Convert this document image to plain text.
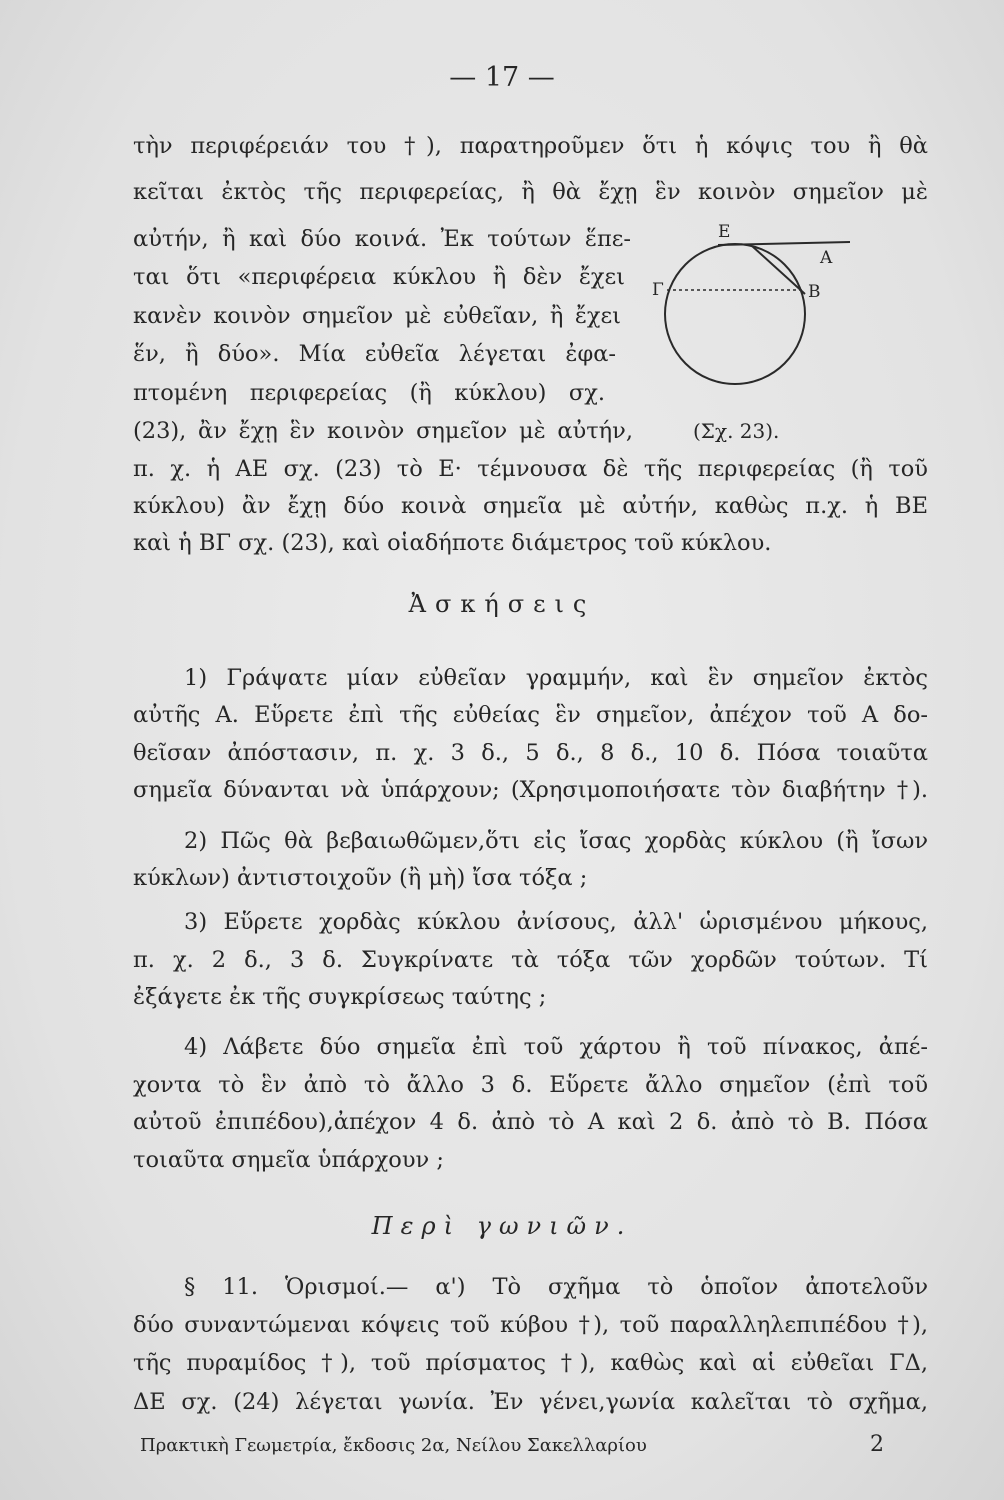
— 17 —
τὴν περιφέρειάν του †), παρατηροῦμεν ὅτι ἡ κόψις του ἢ θὰ
κεῖται ἐκτὸς τῆς περιφερείας, ἢ θὰ ἔχῃ ἓν κοινὸν σημεῖον μὲ
αὐτήν, ἢ καὶ δύο κοινά. Ἐκ τούτων ἕπε-
ται ὅτι «περιφέρεια κύκλου ἢ δὲν ἔχει
κανὲν κοινὸν σημεῖον μὲ εὐθεῖαν, ἢ ἔχει
ἕν, ἢ δύο». Μία εὐθεῖα λέγεται ἐφα-
πτομένη περιφερείας (ἢ κύκλου) σχ.
(23), ἂν ἔχῃ ἓν κοινὸν σημεῖον μὲ αὐτήν,
π. χ. ἡ ΑΕ σχ. (23) τὸ Ε· τέμνουσα δὲ τῆς περιφερείας (ἢ τοῦ
κύκλου) ἂν ἔχῃ δύο κοινὰ σημεῖα μὲ αὐτήν, καθὼς π.χ. ἡ ΒΕ
καὶ ἡ ΒΓ σχ. (23), καὶ οἱαδήποτε διάμετρος τοῦ κύκλου.
E
A
B
Γ
(Σχ. 23).
Ἀσκήσεις
1) Γράψατε μίαν εὐθεῖαν γραμμήν, καὶ ἓν σημεῖον ἐκτὸς
αὐτῆς Α. Εὕρετε ἐπὶ τῆς εὐθείας ἓν σημεῖον, ἀπέχον τοῦ Α δο-
θεῖσαν ἀπόστασιν, π. χ. 3 δ., 5 δ., 8 δ., 10 δ. Πόσα τοιαῦτα
σημεῖα δύνανται νὰ ὑπάρχουν; (Χρησιμοποιήσατε τὸν διαβήτην †).
2) Πῶς θὰ βεβαιωθῶμεν,ὅτι εἰς ἴσας χορδὰς κύκλου (ἢ ἴσων
κύκλων) ἀντιστοιχοῦν (ἢ μὴ) ἴσα τόξα ;
3) Εὕρετε χορδὰς κύκλου ἀνίσους, ἀλλ' ὡρισμένου μήκους,
π. χ. 2 δ., 3 δ. Συγκρίνατε τὰ τόξα τῶν χορδῶν τούτων. Τί
ἐξάγετε ἐκ τῆς συγκρίσεως ταύτης ;
4) Λάβετε δύο σημεῖα ἐπὶ τοῦ χάρτου ἢ τοῦ πίνακος, ἀπέ-
χοντα τὸ ἓν ἀπὸ τὸ ἄλλο 3 δ. Εὕρετε ἄλλο σημεῖον (ἐπὶ τοῦ
αὐτοῦ ἐπιπέδου),ἀπέχον 4 δ. ἀπὸ τὸ Α καὶ 2 δ. ἀπὸ τὸ Β. Πόσα
τοιαῦτα σημεῖα ὑπάρχουν ;
Περὶ γωνιῶν.
§ 11. Ὁρισμοί.— α') Τὸ σχῆμα τὸ ὁποῖον ἀποτελοῦν
δύο συναντώμεναι κόψεις τοῦ κύβου †), τοῦ παραλληλεπιπέδου †),
τῆς πυραμίδος †), τοῦ πρίσματος †), καθὼς καὶ αἱ εὐθεῖαι ΓΔ,
ΔΕ σχ. (24) λέγεται γωνία. Ἐν γένει,γωνία καλεῖται τὸ σχῆμα,
Πρακτικὴ Γεωμετρία, ἔκδοσις 2α, Νείλου Σακελλαρίου	2
